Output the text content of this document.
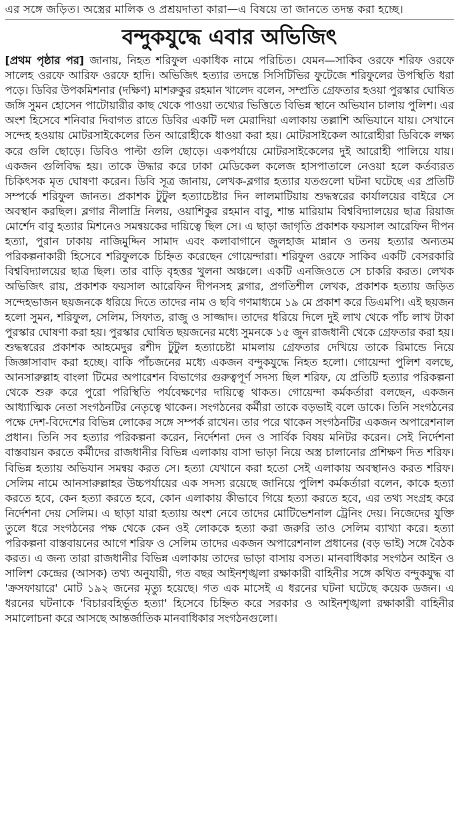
এর সঙ্গে জড়িত। অস্ত্রের মালিক ও প্রশ্রয়দাতা কারা—এ বিষয়ে তা জানতে তদন্ত করা হচ্ছে।
বন্দুকযুদ্ধে এবার অভিজিৎ

[প্রথম পৃষ্ঠার পর] জানায়, নিহত শরিফুল একাধিক নামে পরিচিত। যেমন—সাকিব ওরফে শরিফ ওরফে সালেহ ওরফে আরিফ ওরফে হাদি। অভিজিৎ হত্যার তদন্তে সিসিটিভির ফুটেজে শরিফুলের উপস্থিতি ধরা পড়ে। ডিবির উপকমিশনার (দক্ষিণ) মাশরুকুর রহমান খালেদ বলেন, সম্প্রতি গ্রেফতার হওয়া পুরস্কার ঘোষিত জঙ্গি সুমন হোসেন পাটোয়ারীর কাছ থেকে পাওয়া তথ্যের ভিত্তিতে বিভিন্ন স্থানে অভিযান চালায় পুলিশ। এর অংশ হিসেবে শনিবার দিবাগত রাতে ডিবির একটি দল মেরাদিয়া এলাকায় তল্লাশি অভিযানে যায়। সেখানে সন্দেহ হওয়ায় মোটরসাইকেলের তিন আরোহীকে ধাওয়া করা হয়। মোটরসাইকেল আরোহীরা ডিবিকে লক্ষ্য করে গুলি ছোড়ে। ডিবিও পাল্টা গুলি ছোড়ে। একপর্যায়ে মোটরসাইকেলের দুই আরোহী পালিয়ে যায়। একজন গুলিবিদ্ধ হয়। তাকে উদ্ধার করে ঢাকা মেডিকেল কলেজ হাসপাতালে নেওয়া হলে কর্তব্যরত চিকিৎসক মৃত ঘোষণা করেন। ডিবি সূত্র জানায়, লেখক-ব্লগার হত্যার যতগুলো ঘটনা ঘটেছে এর প্রতিটি সম্পর্কে শরিফুল জানত। প্রকাশক টুটুল হত্যাচেষ্টার দিন লালমাটিয়ায় শুদ্ধস্বরের কার্যালয়ের বাইরে সে অবস্থান করছিল। ব্লগার নীলাদ্রি নিলয়, ওয়াশিকুর রহমান বাবু, শান্ত মারিয়াম বিশ্ববিদ্যালয়ের ছাত্র রিয়াজ মোর্শেদ বাবু হত্যার মিশনেও সমন্বয়কের দায়িত্বে ছিল সে। এ ছাড়া জাগৃতি প্রকাশক ফয়সাল আরেফিন দীপন হত্যা, পুরান ঢাকায় নাজিমুদ্দিন সামাদ এবং কলাবাগানে জুলহাজ মান্নান ও তনয় হত্যার অন্যতম পরিকল্পনাকারী হিসেবে শরিফুলকে চিহ্নিত করেছেন গোয়েন্দারা। শরিফুল ওরফে সাকিব একটি বেসরকারি বিশ্ববিদ্যালয়ের ছাত্র ছিল। তার বাড়ি বৃহত্তর খুলনা অঞ্চলে। একটি এনজিওতে সে চাকরি করত। লেখক অভিজিৎ রায়, প্রকাশক ফয়সাল আরেফিন দীপনসহ ব্লগার, প্রগতিশীল লেখক, প্রকাশক হত্যায় জড়িত সন্দেহভাজন ছয়জনকে ধরিয়ে দিতে তাদের নাম ও ছবি গণমাধ্যমে ১৯ মে প্রকাশ করে ডিএমপি। এই ছয়জন হলো সুমন, শরিফুল, সেলিম, সিফাত, রাজু ও সাজ্জাদ। তাদের ধরিয়ে দিলে দুই লাখ থেকে পাঁচ লাখ টাকা পুরস্কার ঘোষণা করা হয়। পুরস্কার ঘোষিত ছয়জনের মধ্যে সুমনকে ১৫ জুন রাজধানী থেকে গ্রেফতার করা হয়। শুদ্ধস্বরের প্রকাশক আহমেদুর রশীদ টুটুল হত্যাচেষ্টা মামলায় গ্রেফতার দেখিয়ে তাকে রিমান্ডে নিয়ে জিজ্ঞাসাবাদ করা হচ্ছে। বাকি পাঁচজনের মধ্যে একজন বন্দুকযুদ্ধে নিহত হলো। গোয়েন্দা পুলিশ বলছে, আনসারুল্লাহ বাংলা টিমের অপারেশন বিভাগের গুরুত্বপূর্ণ সদস্য ছিল শরিফ, যে প্রতিটি হত্যার পরিকল্পনা থেকে শুরু করে পুরো পরিস্থিতি পর্যবেক্ষণের দায়িত্বে থাকত। গোয়েন্দা কর্মকর্তারা বলছেন, একজন আধ্যাত্মিক নেতা সংগঠনটির নেতৃত্বে থাকেন। সংগঠনের কর্মীরা তাকে বড়ভাই বলে ডাকে। তিনি সংগঠনের পক্ষে দেশ-বিদেশের বিভিন্ন লোকের সঙ্গে সম্পর্ক রাখেন। তার পরে থাকেন সংগঠনটির একজন অপারেশনাল প্রধান। তিনি সব হত্যার পরিকল্পনা করেন, নির্দেশনা দেন ও সার্বিক বিষয় মনিটর করেন। সেই নির্দেশনা বাস্তবায়ন করতে কর্মীদের রাজধানীর বিভিন্ন এলাকায় বাসা ভাড়া নিয়ে অস্ত্র চালানোর প্রশিক্ষণ দিত শরিফ। বিভিন্ন হত্যায় অভিযান সমন্বয় করত সে। হত্যা যেখানে করা হতো সেই এলাকায় অবস্থানও করত শরিফ। সেলিম নামে আনসারুল্লাহর উচ্চপর্যায়ের এক সদস্য রয়েছে জানিয়ে পুলিশ কর্মকর্তারা বলেন, কাকে হত্যা করতে হবে, কেন হত্যা করতে হবে, কোন এলাকায় কীভাবে গিয়ে হত্যা করতে হবে, এর তথ্য সংগ্রহ করে নির্দেশনা দেয় সেলিম। এ ছাড়া যারা হত্যায় অংশ নেবে তাদের মোটিভেশনাল ট্রেনিং দেয়। নিজেদের যুক্তি তুলে ধরে সংগঠনের পক্ষ থেকে কেন ওই লোককে হত্যা করা জরুরি তাও সেলিম ব্যাখ্যা করে। হত্যা পরিকল্পনা বাস্তবায়নের আগে শরিফ ও সেলিম তাদের একজন অপারেশনাল প্রধানের (বড় ভাই) সঙ্গে বৈঠক করত। এ জন্য তারা রাজধানীর বিভিন্ন এলাকায় তাদের ভাড়া বাসায় বসত। মানবাধিকার সংগঠন আইন ও সালিশ কেন্দ্রের (আসক) তথ্য অনুযায়ী, গত বছর আইনশৃঙ্খলা রক্ষাকারী বাহিনীর সঙ্গে কথিত বন্দুকযুদ্ধ বা 'ক্রসফায়ারে' মোট ১৯২ জনের মৃত্যু হয়েছে। গত এক মাসেই এ ধরনের ঘটনা ঘটেছে কয়েক ডজন। এ ধরনের ঘটনাকে 'বিচারবহির্ভূত হত্যা' হিসেবে চিহ্নিত করে সরকার ও আইনশৃঙ্খলা রক্ষাকারী বাহিনীর সমালোচনা করে আসছে আন্তর্জাতিক মানবাধিকার সংগঠনগুলো।
